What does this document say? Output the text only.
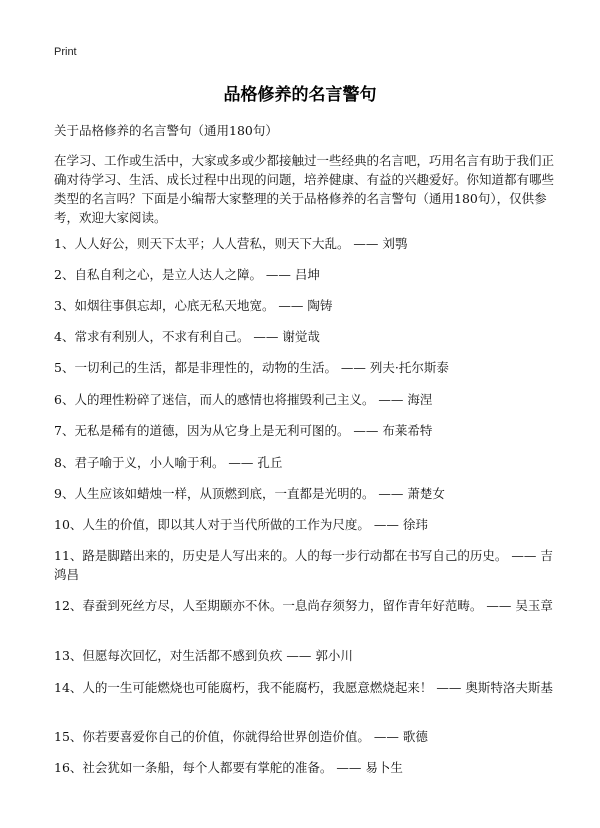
Print
品格修养的名言警句
关于品格修养的名言警句（通用180句）
在学习、工作或生活中，大家或多或少都接触过一些经典的名言吧，巧用名言有助于我们正确对待学习、生活、成长过程中出现的问题，培养健康、有益的兴趣爱好。你知道都有哪些类型的名言吗？下面是小编帮大家整理的关于品格修养的名言警句（通用180句），仅供参考，欢迎大家阅读。
1、人人好公，则天下太平；人人营私，则天下大乱。 —— 刘鹗
2、自私自利之心，是立人达人之障。 —— 吕坤
3、如烟往事俱忘却，心底无私天地宽。 —— 陶铸
4、常求有利别人，不求有利自己。 —— 谢觉哉
5、一切利己的生活，都是非理性的，动物的生活。 —— 列夫·托尔斯泰
6、人的理性粉碎了迷信，而人的感情也将摧毁利己主义。 —— 海涅
7、无私是稀有的道德，因为从它身上是无利可图的。 —— 布莱希特
8、君子喻于义，小人喻于利。 —— 孔丘
9、人生应该如蜡烛一样，从顶燃到底，一直都是光明的。 —— 萧楚女
10、人生的价值，即以其人对于当代所做的工作为尺度。 —— 徐玮
11、路是脚踏出来的，历史是人写出来的。人的每一步行动都在书写自己的历史。 —— 吉鸿昌
12、春蚕到死丝方尽，人至期颐亦不休。一息尚存须努力，留作青年好范畴。 —— 吴玉章
13、但愿每次回忆，对生活都不感到负疚 —— 郭小川
14、人的一生可能燃烧也可能腐朽，我不能腐朽，我愿意燃烧起来！ —— 奥斯特洛夫斯基
15、你若要喜爱你自己的价值，你就得给世界创造价值。 —— 歌德
16、社会犹如一条船，每个人都要有掌舵的准备。 —— 易卜生
